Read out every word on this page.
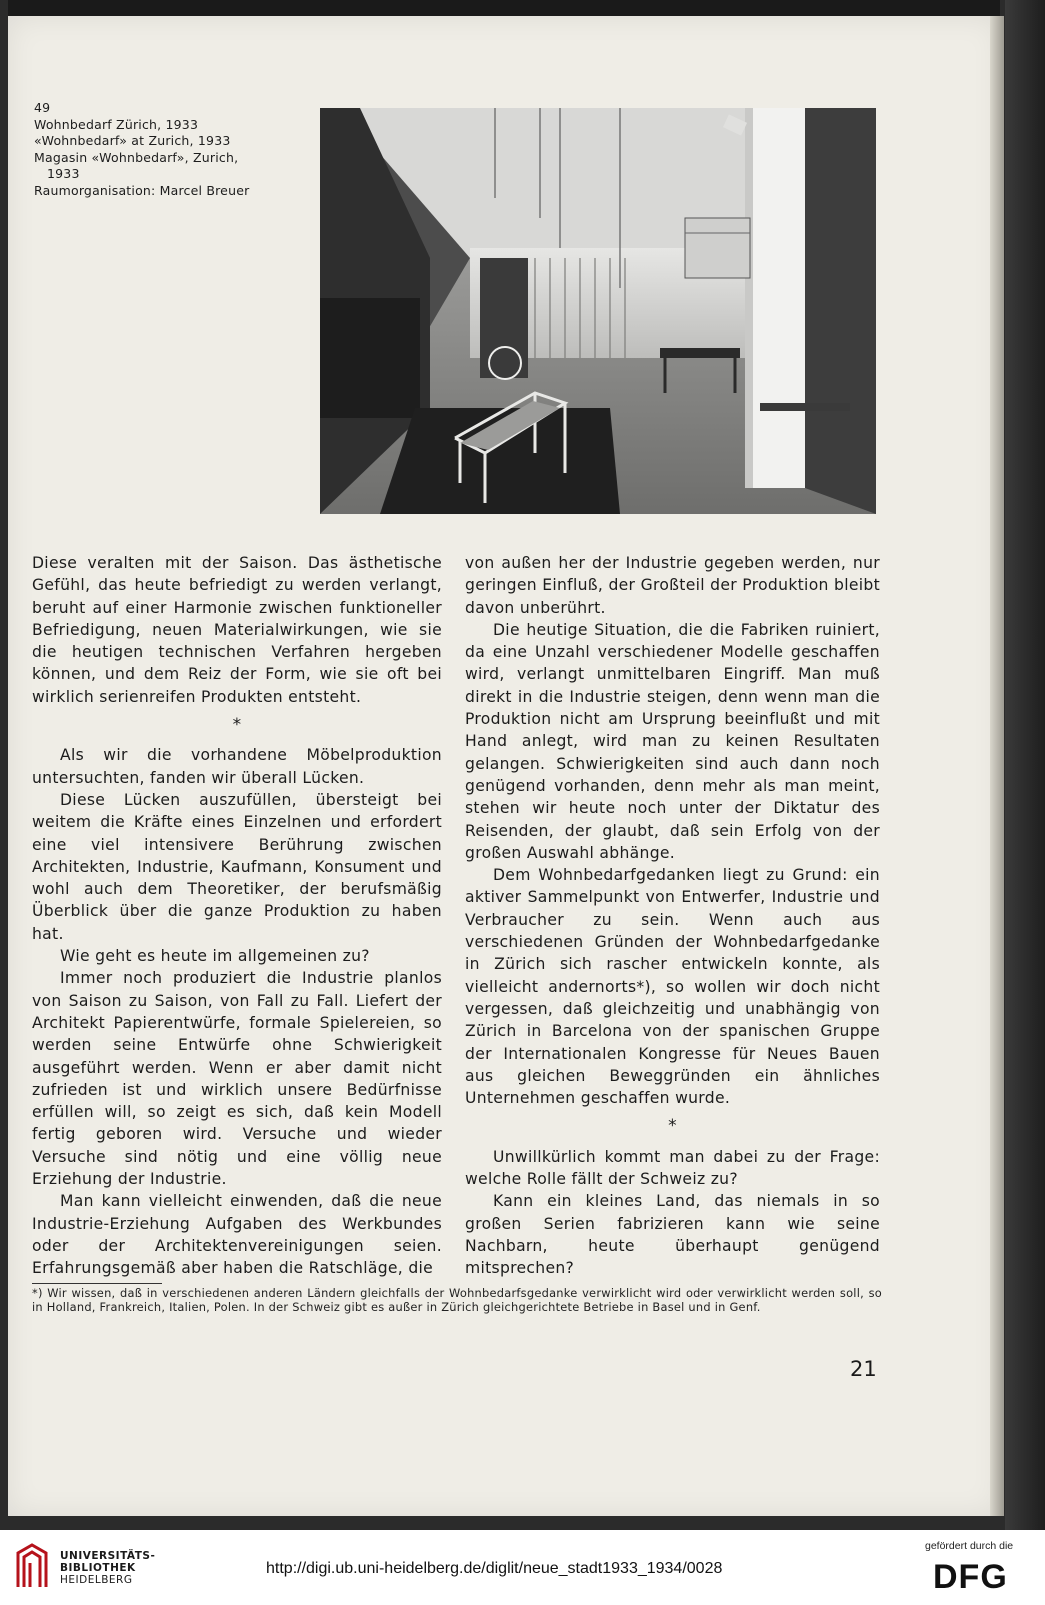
49
Wohnbedarf Zürich, 1933
«Wohnbedarf» at Zurich, 1933
Magasin «Wohnbedarf», Zurich,
1933
Raumorganisation: Marcel Breuer

Diese veralten mit der Saison. Das ästhetische Gefühl, das heute befriedigt zu werden verlangt, beruht auf einer Harmonie zwischen funktioneller Befriedigung, neuen Materialwirkungen, wie sie die heutigen technischen Verfahren hergeben können, und dem Reiz der Form, wie sie oft bei wirklich serienreifen Produkten entsteht.

*

Als wir die vorhandene Möbelproduktion untersuchten, fanden wir überall Lücken.

Diese Lücken auszufüllen, übersteigt bei weitem die Kräfte eines Einzelnen und erfordert eine viel intensivere Berührung zwischen Architekten, Industrie, Kaufmann, Konsument und wohl auch dem Theoretiker, der berufsmäßig Überblick über die ganze Produktion zu haben hat.

Wie geht es heute im allgemeinen zu?

Immer noch produziert die Industrie planlos von Saison zu Saison, von Fall zu Fall. Liefert der Architekt Papierentwürfe, formale Spielereien, so werden seine Entwürfe ohne Schwierigkeit ausgeführt werden. Wenn er aber damit nicht zufrieden ist und wirklich unsere Bedürfnisse erfüllen will, so zeigt es sich, daß kein Modell fertig geboren wird. Versuche und wieder Versuche sind nötig und eine völlig neue Erziehung der Industrie.

Man kann vielleicht einwenden, daß die neue Industrie-Erziehung Aufgaben des Werkbundes oder der Architektenvereinigungen seien. Erfahrungsgemäß aber haben die Ratschläge, die

von außen her der Industrie gegeben werden, nur geringen Einfluß, der Großteil der Produktion bleibt davon unberührt.

Die heutige Situation, die die Fabriken ruiniert, da eine Unzahl verschiedener Modelle geschaffen wird, verlangt unmittelbaren Eingriff. Man muß direkt in die Industrie steigen, denn wenn man die Produktion nicht am Ursprung beeinflußt und mit Hand anlegt, wird man zu keinen Resultaten gelangen. Schwierigkeiten sind auch dann noch genügend vorhanden, denn mehr als man meint, stehen wir heute noch unter der Diktatur des Reisenden, der glaubt, daß sein Erfolg von der großen Auswahl abhänge.

Dem Wohnbedarfgedanken liegt zu Grund: ein aktiver Sammelpunkt von Entwerfer, Industrie und Verbraucher zu sein. Wenn auch aus verschiedenen Gründen der Wohnbedarfgedanke in Zürich sich rascher entwickeln konnte, als vielleicht andernorts*), so wollen wir doch nicht vergessen, daß gleichzeitig und unabhängig von Zürich in Barcelona von der spanischen Gruppe der Internationalen Kongresse für Neues Bauen aus gleichen Beweggründen ein ähnliches Unternehmen geschaffen wurde.

*

Unwillkürlich kommt man dabei zu der Frage: welche Rolle fällt der Schweiz zu?

Kann ein kleines Land, das niemals in so großen Serien fabrizieren kann wie seine Nachbarn, heute überhaupt genügend mitsprechen?

*) Wir wissen, daß in verschiedenen anderen Ländern gleichfalls der Wohnbedarfsgedanke verwirklicht wird oder verwirklicht werden soll, so in Holland, Frankreich, Italien, Polen. In der Schweiz gibt es außer in Zürich gleichgerichtete Betriebe in Basel und in Genf.
21
UNIVERSITÄTS-
BIBLIOTHEK
HEIDELBERG
http://digi.ub.uni-heidelberg.de/diglit/neue_stadt1933_1934/0028
gefördert durch die
DFG
